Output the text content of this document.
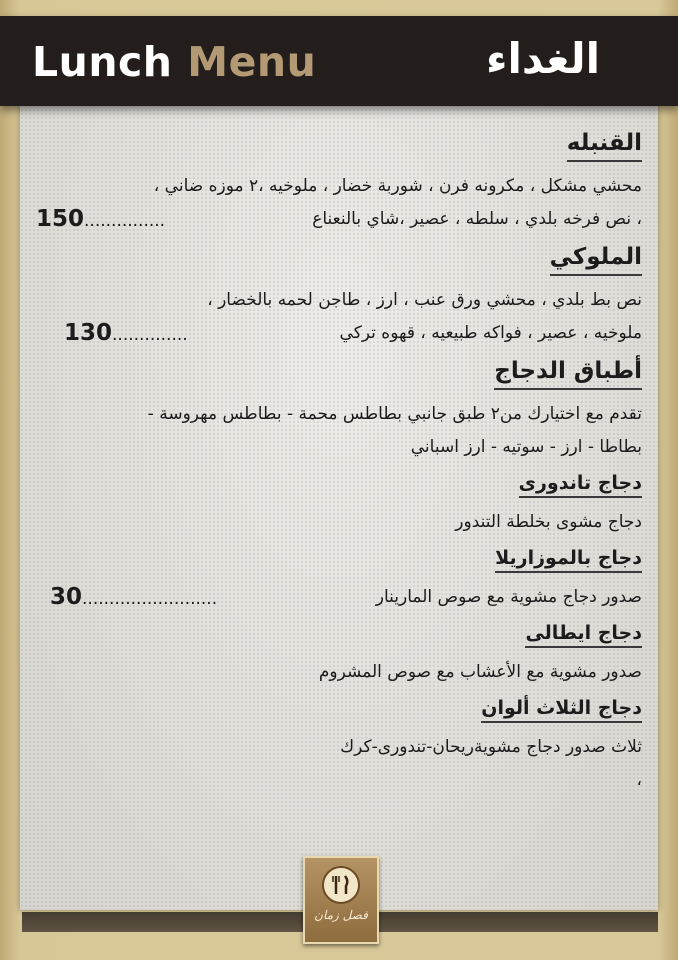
Lunch Menu	الغداء
القنبله
محشي مشكل ، مكرونه فرن ، شوربة خضار ، ملوخيه ،٢ موزه ضاني ،
، نص فرخه بلدي ، سلطه ، عصير ،شاي بالنعناع
150...............
الملوكي
نص بط بلدي ، محشي ورق عنب ، ارز ، طاجن لحمه بالخضار ،
ملوخيه ، عصير ، فواكه طبيعيه ، قهوه تركي
130..............
أطباق الدجاج
تقدم مع اختيارك من٢ طبق جانبي بطاطس محمة - بطاطس مهروسة -
بطاطا - ارز - سوتيه - ارز اسباني
دجاج تاندورى
دجاج مشوى بخلطة التندور
دجاج بالموزاريلا
صدور دجاج مشوية مع صوص المارينار
30.........................
دجاج ايطالى
صدور مشوية مع الأعشاب مع صوص المشروم
دجاج الثلاث ألوان
ثلاث صدور دجاج مشويةريحان-تندورى-كرك
،
فصل زمان
